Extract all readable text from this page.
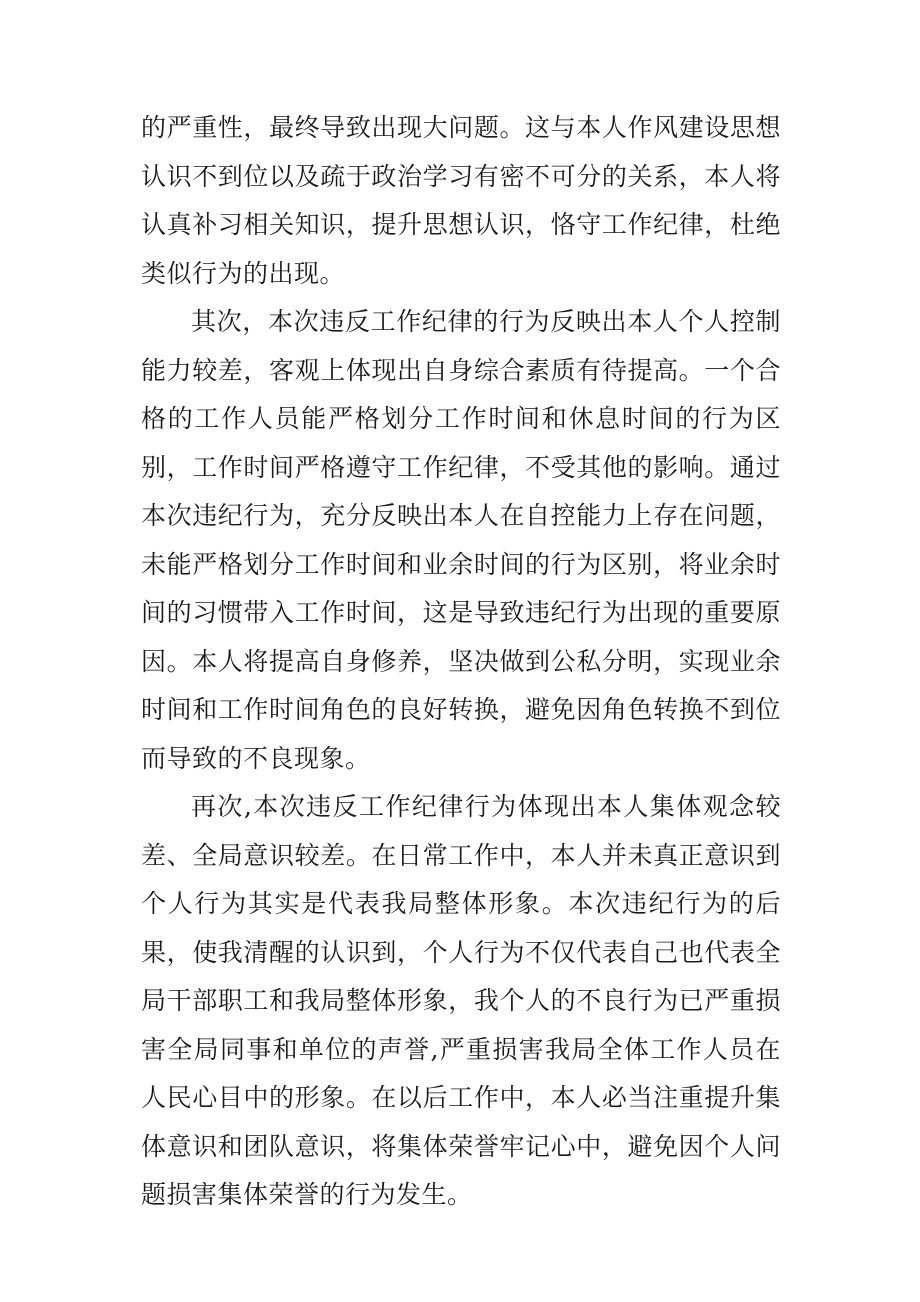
的严重性，最终导致出现大问题。这与本人作风建设思想认识不到位以及疏于政治学习有密不可分的关系，本人将认真补习相关知识，提升思想认识，恪守工作纪律，杜绝类似行为的出现。

其次，本次违反工作纪律的行为反映出本人个人控制能力较差，客观上体现出自身综合素质有待提高。一个合格的工作人员能严格划分工作时间和休息时间的行为区别，工作时间严格遵守工作纪律，不受其他的影响。通过本次违纪行为，充分反映出本人在自控能力上存在问题，未能严格划分工作时间和业余时间的行为区别，将业余时间的习惯带入工作时间，这是导致违纪行为出现的重要原因。本人将提高自身修养，坚决做到公私分明，实现业余时间和工作时间角色的良好转换，避免因角色转换不到位而导致的不良现象。

再次,本次违反工作纪律行为体现出本人集体观念较差、全局意识较差。在日常工作中，本人并未真正意识到个人行为其实是代表我局整体形象。本次违纪行为的后果，使我清醒的认识到，个人行为不仅代表自己也代表全局干部职工和我局整体形象，我个人的不良行为已严重损害全局同事和单位的声誉,严重损害我局全体工作人员在人民心目中的形象。在以后工作中，本人必当注重提升集体意识和团队意识，将集体荣誉牢记心中，避免因个人问题损害集体荣誉的行为发生。
